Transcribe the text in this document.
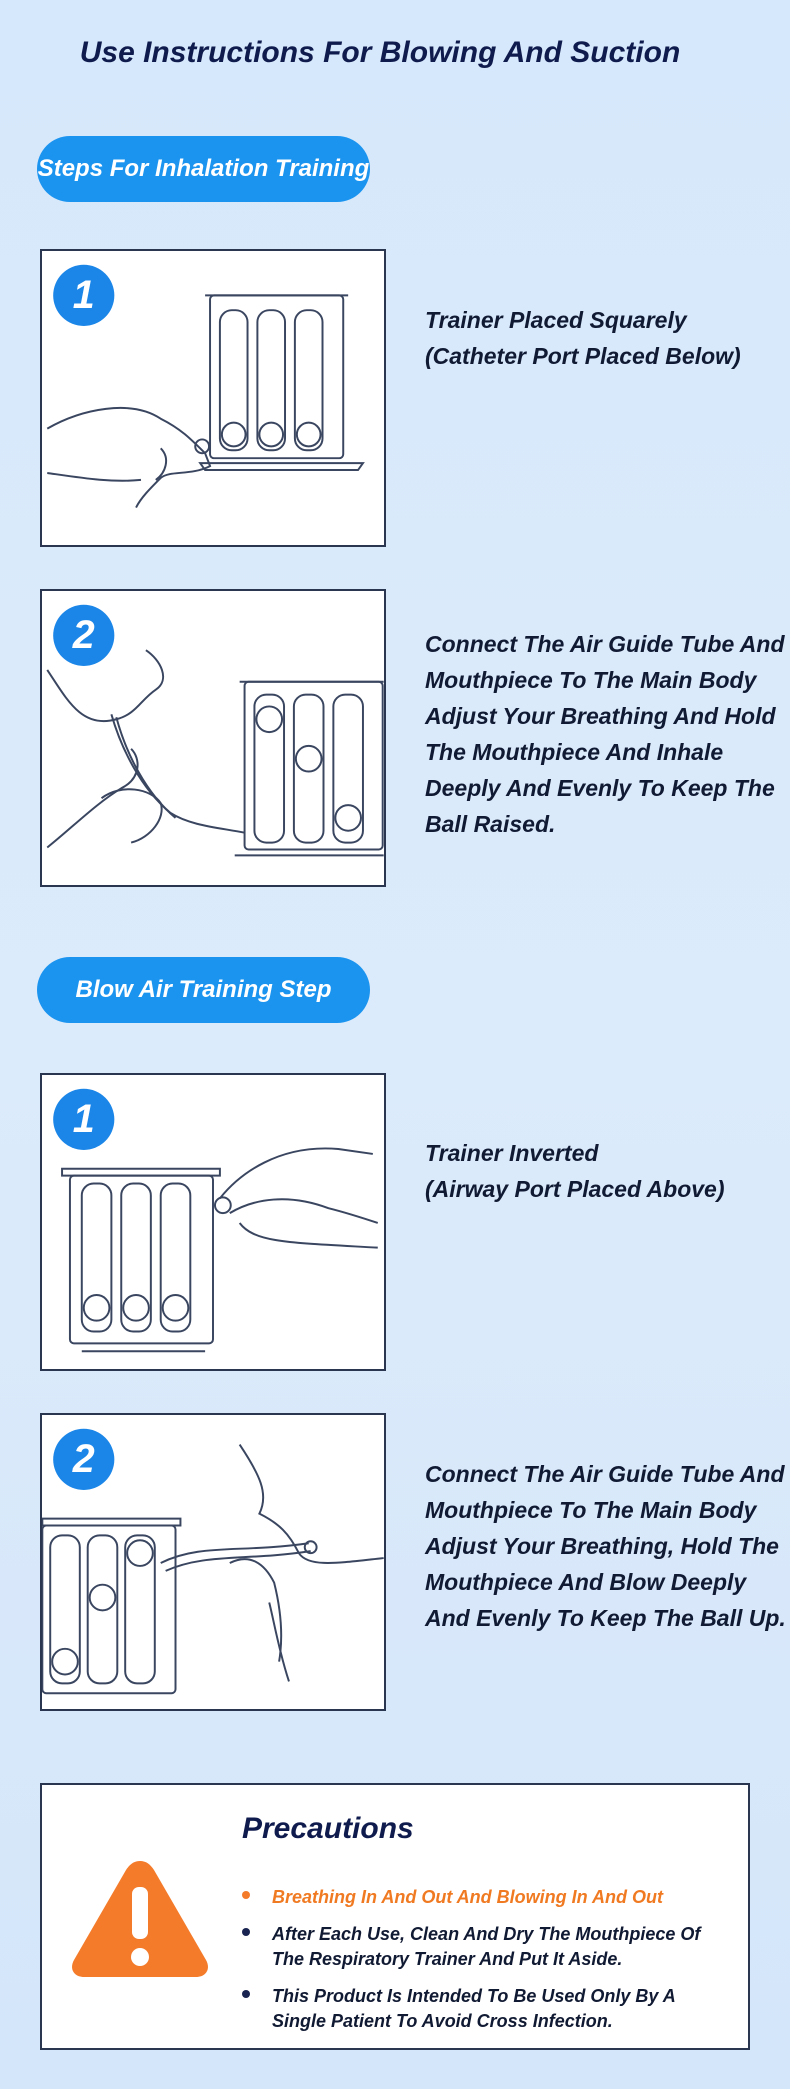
Use Instructions For Blowing And Suction
Steps For Inhalation Training
1
Trainer Placed Squarely
(Catheter Port Placed Below)
2	Connect The Air Guide Tube And
Mouthpiece To The Main Body
Adjust Your Breathing And Hold
The Mouthpiece And Inhale
Deeply And Evenly To Keep The
Ball Raised.
Blow Air Training Step
1
Trainer Inverted
(Airway Port Placed Above)
2	Connect The Air Guide Tube And
Mouthpiece To The Main Body
Adjust Your Breathing, Hold The
Mouthpiece And Blow Deeply
And Evenly To Keep The Ball Up.
Precautions
Breathing In And Out And Blowing In And Out
After Each Use, Clean And Dry The Mouthpiece Of The Respiratory Trainer And Put It Aside.
This Product Is Intended To Be Used Only By A Single Patient To Avoid Cross Infection.
